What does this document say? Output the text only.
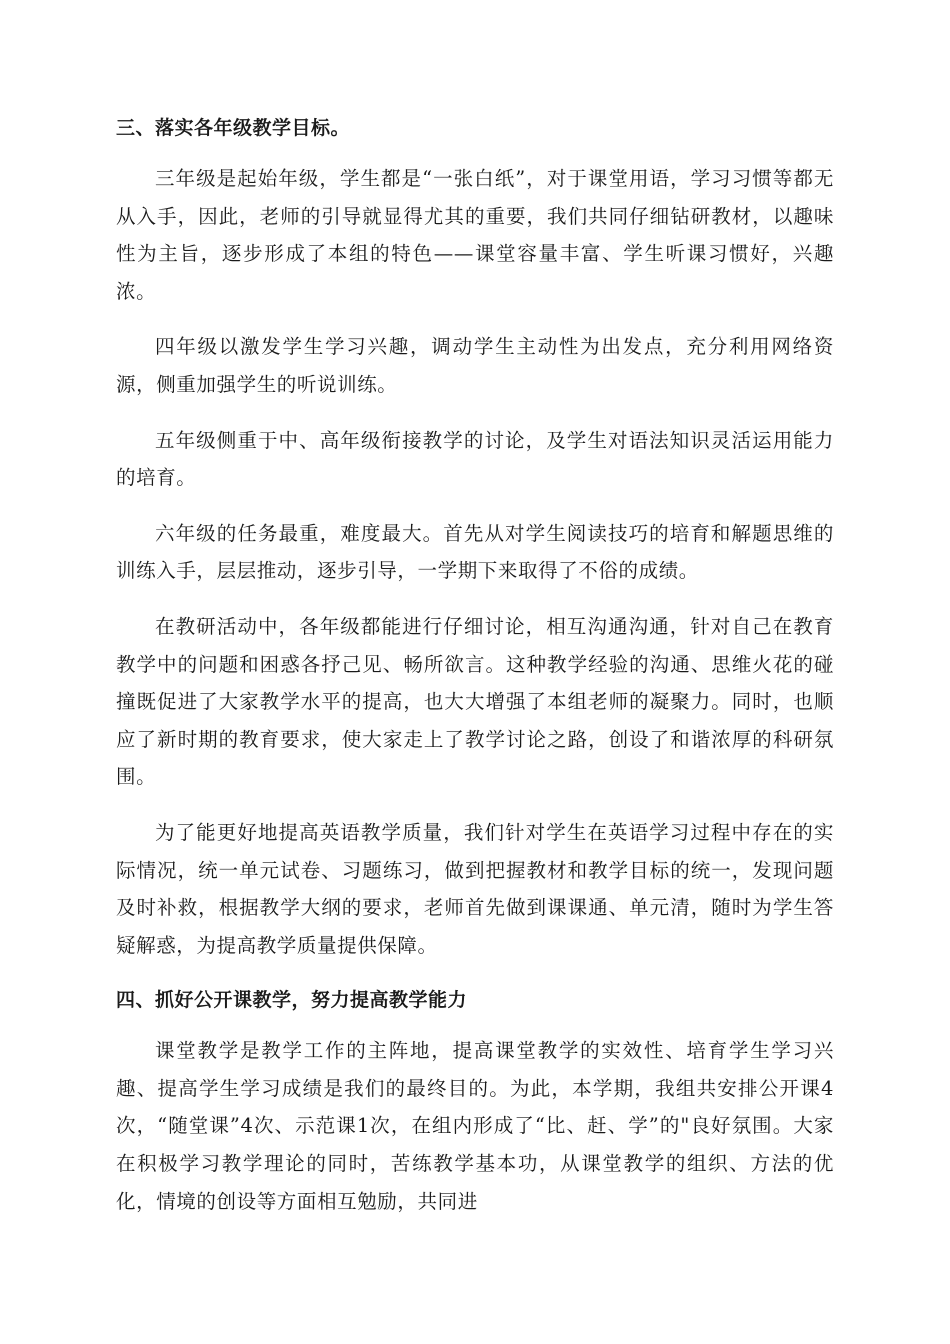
三、落实各年级教学目标。

三年级是起始年级，学生都是“一张白纸”，对于课堂用语，学习习惯等都无从入手，因此，老师的引导就显得尤其的重要，我们共同仔细钻研教材，以趣味性为主旨，逐步形成了本组的特色——课堂容量丰富、学生听课习惯好，兴趣浓。

四年级以激发学生学习兴趣，调动学生主动性为出发点，充分利用网络资源，侧重加强学生的听说训练。

五年级侧重于中、高年级衔接教学的讨论，及学生对语法知识灵活运用能力的培育。

六年级的任务最重，难度最大。首先从对学生阅读技巧的培育和解题思维的训练入手，层层推动，逐步引导，一学期下来取得了不俗的成绩。

在教研活动中，各年级都能进行仔细讨论，相互沟通沟通，针对自己在教育教学中的问题和困惑各抒己见、畅所欲言。这种教学经验的沟通、思维火花的碰撞既促进了大家教学水平的提高，也大大增强了本组老师的凝聚力。同时，也顺应了新时期的教育要求，使大家走上了教学讨论之路，创设了和谐浓厚的科研氛围。

为了能更好地提高英语教学质量，我们针对学生在英语学习过程中存在的实际情况，统一单元试卷、习题练习，做到把握教材和教学目标的统一，发现问题及时补救，根据教学大纲的要求，老师首先做到课课通、单元清，随时为学生答疑解惑，为提高教学质量提供保障。

四、抓好公开课教学，努力提高教学能力

课堂教学是教学工作的主阵地，提高课堂教学的实效性、培育学生学习兴趣、提高学生学习成绩是我们的最终目的。为此，本学期，我组共安排公开课4次，“随堂课”4次、示范课1次，在组内形成了“比、赶、学”的"良好氛围。大家在积极学习教学理论的同时，苦练教学基本功，从课堂教学的组织、方法的优化，情境的创设等方面相互勉励，共同进
